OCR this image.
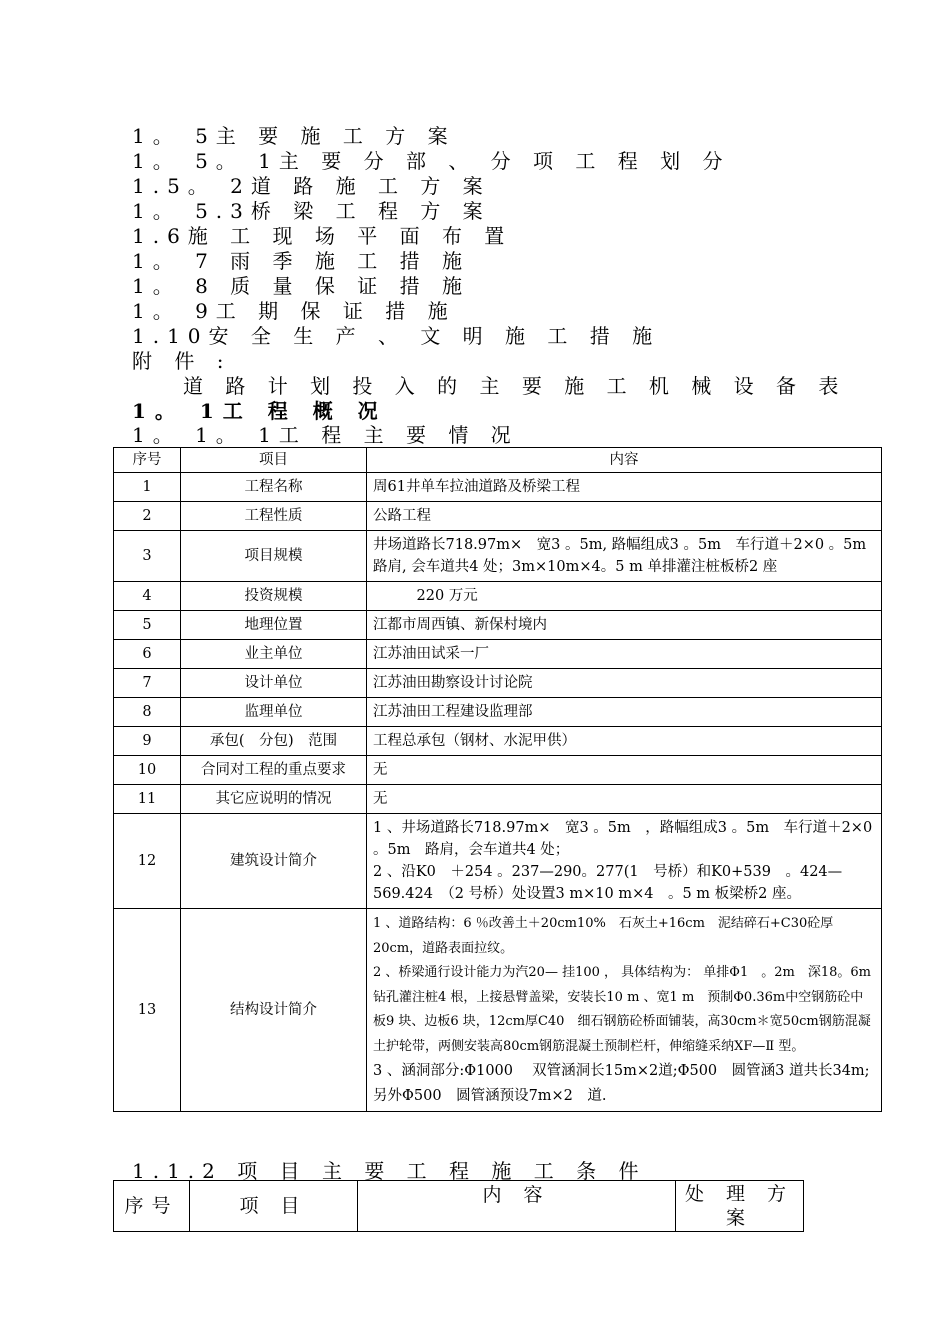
1。 5主 要 施 工 方 案
1。 5。 1主 要 分 部 、 分 项 工 程 划 分
1.5。 2道 路 施 工 方 案
1。 5.3桥 梁 工 程 方 案
1.6施 工 现 场 平 面 布 置
1。 7 雨 季 施 工 措 施
1。 8 质 量 保 证 措 施
1。 9工 期 保 证 措 施
1.10安 全 生 产 、 文 明 施 工 措 施
附 件 :
道 路 计 划 投 入 的 主 要 施 工 机 械 设 备 表
1。 1工 程 概 况
1。 1。 1工 程 主 要 情 况
序号	项目	内容
1	工程名称	周61井单车拉油道路及桥梁工程
2	工程性质	公路工程
3	项目规模	井场道路长718.97m×　宽3 。5m, 路幅组成3 。5m　车行道＋2×0 。5m　路肩, 会车道共4 处；3m×10m×4。5 m 单排灌注桩板桥2 座
4	投资规模	　　　220 万元
5	地理位置	江都市周西镇、新保村境内
6	业主单位	江苏油田试采一厂
7	设计单位	江苏油田勘察设计讨论院
8	监理单位	江苏油田工程建设监理部
9	承包(　分包)　范围	工程总承包（钢材、水泥甲供）
10	合同对工程的重点要求	无
11	其它应说明的情况	无
12	建筑设计简介	1 、井场道路长718.97m×　宽3 。5m　，路幅组成3 。5m　车行道＋2×0 。5m　路肩，会车道共4 处；
2 、沿K0　＋254 。237—290。277(1　号桥）和K0+539　。424—569.424　（2 号桥）处设置3 m×10 m×4　。5 m 板梁桥2 座。

13	结构设计简介	1 、道路结构：6 ％改善土＋20cm10%　石灰土+16cm　泥结碎石+C30砼厚20cm，道路表面拉纹。
2 、桥梁通行设计能力为汽20— 挂100 ， 具体结构为： 单排Φ1　。2m　深18。6m　钻孔灌注桩4 根，上接悬臂盖梁，安装长10 m 、宽1 m　预制Φ0.36m中空钢筋砼中板9 块、边板6 块，12cm厚C40　细石钢筋砼桥面铺装，高30cm＊宽50cm钢筋混凝土护轮带，两侧安装高80cm钢筋混凝土预制栏杆，伸缩缝采纳XF—Ⅱ 型。
3 、涵洞部分:Φ1000　 双管涵洞长15m×2道;Φ500　圆管涵3 道共长34m;　另外Φ500　圆管涵预设7m×2　道.
1.1.2 项 目 主 要 工 程 施 工 条 件
序号	项 目	内 容	处 理 方 案
